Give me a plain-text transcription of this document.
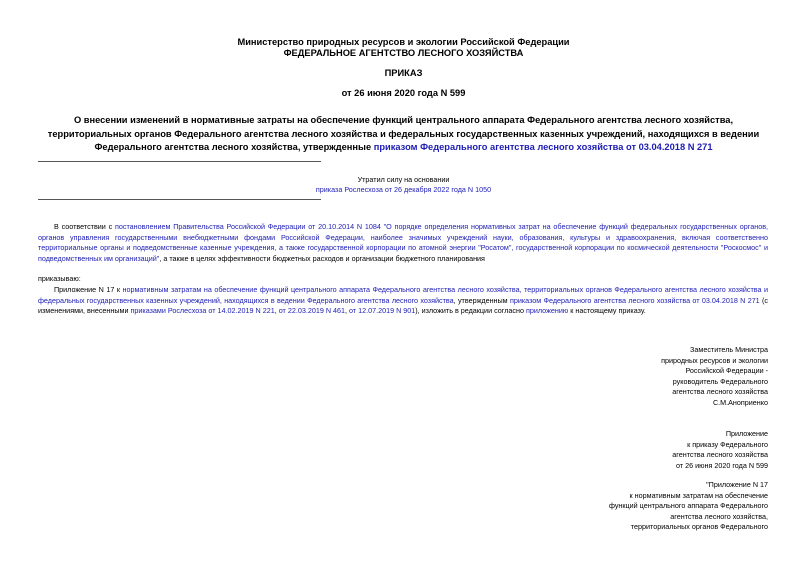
Министерство природных ресурсов и экологии Российской Федерации
ФЕДЕРАЛЬНОЕ АГЕНТСТВО ЛЕСНОГО ХОЗЯЙСТВА
ПРИКАЗ
от 26 июня 2020 года N 599
О внесении изменений в нормативные затраты на обеспечение функций центрального аппарата Федерального агентства лесного хозяйства, территориальных органов Федерального агентства лесного хозяйства и федеральных государственных казенных учреждений, находящихся в ведении Федерального агентства лесного хозяйства, утвержденные приказом Федерального агентства лесного хозяйства от 03.04.2018 N 271
Утратил силу на основании
приказа Рослесхоза от 26 декабря 2022 года N 1050
В соответствии с постановлением Правительства Российской Федерации от 20.10.2014 N 1084 "О порядке определения нормативных затрат на обеспечение функций федеральных государственных органов, органов управления государственными внебюджетными фондами Российской Федерации, наиболее значимых учреждений науки, образования, культуры и здравоохранения, включая соответственно территориальные органы и подведомственные казенные учреждения, а также государственной корпорации по атомной энергии "Росатом", государственной корпорации по космической деятельности "Роскосмос" и подведомственных им организаций", а также в целях эффективности бюджетных расходов и организации бюджетного планирования
приказываю:
Приложение N 17 к нормативным затратам на обеспечение функций центрального аппарата Федерального агентства лесного хозяйства, территориальных органов Федерального агентства лесного хозяйства и федеральных государственных казенных учреждений, находящихся в ведении Федерального агентства лесного хозяйства, утвержденным приказом Федерального агентства лесного хозяйства от 03.04.2018 N 271 (с изменениями, внесенными приказами Рослесхоза от 14.02.2019 N 221, от 22.03.2019 N 461, от 12.07.2019 N 901), изложить в редакции согласно приложению к настоящему приказу.
Заместитель Министра
природных ресурсов и экологии
Российской Федерации -
руководитель Федерального
агентства лесного хозяйства
С.М.Аноприенко
Приложение
к приказу Федерального
агентства лесного хозяйства
от 26 июня 2020 года N 599
"Приложение N 17
к нормативным затратам на обеспечение
функций центрального аппарата Федерального
агентства лесного хозяйства,
территориальных органов Федерального
